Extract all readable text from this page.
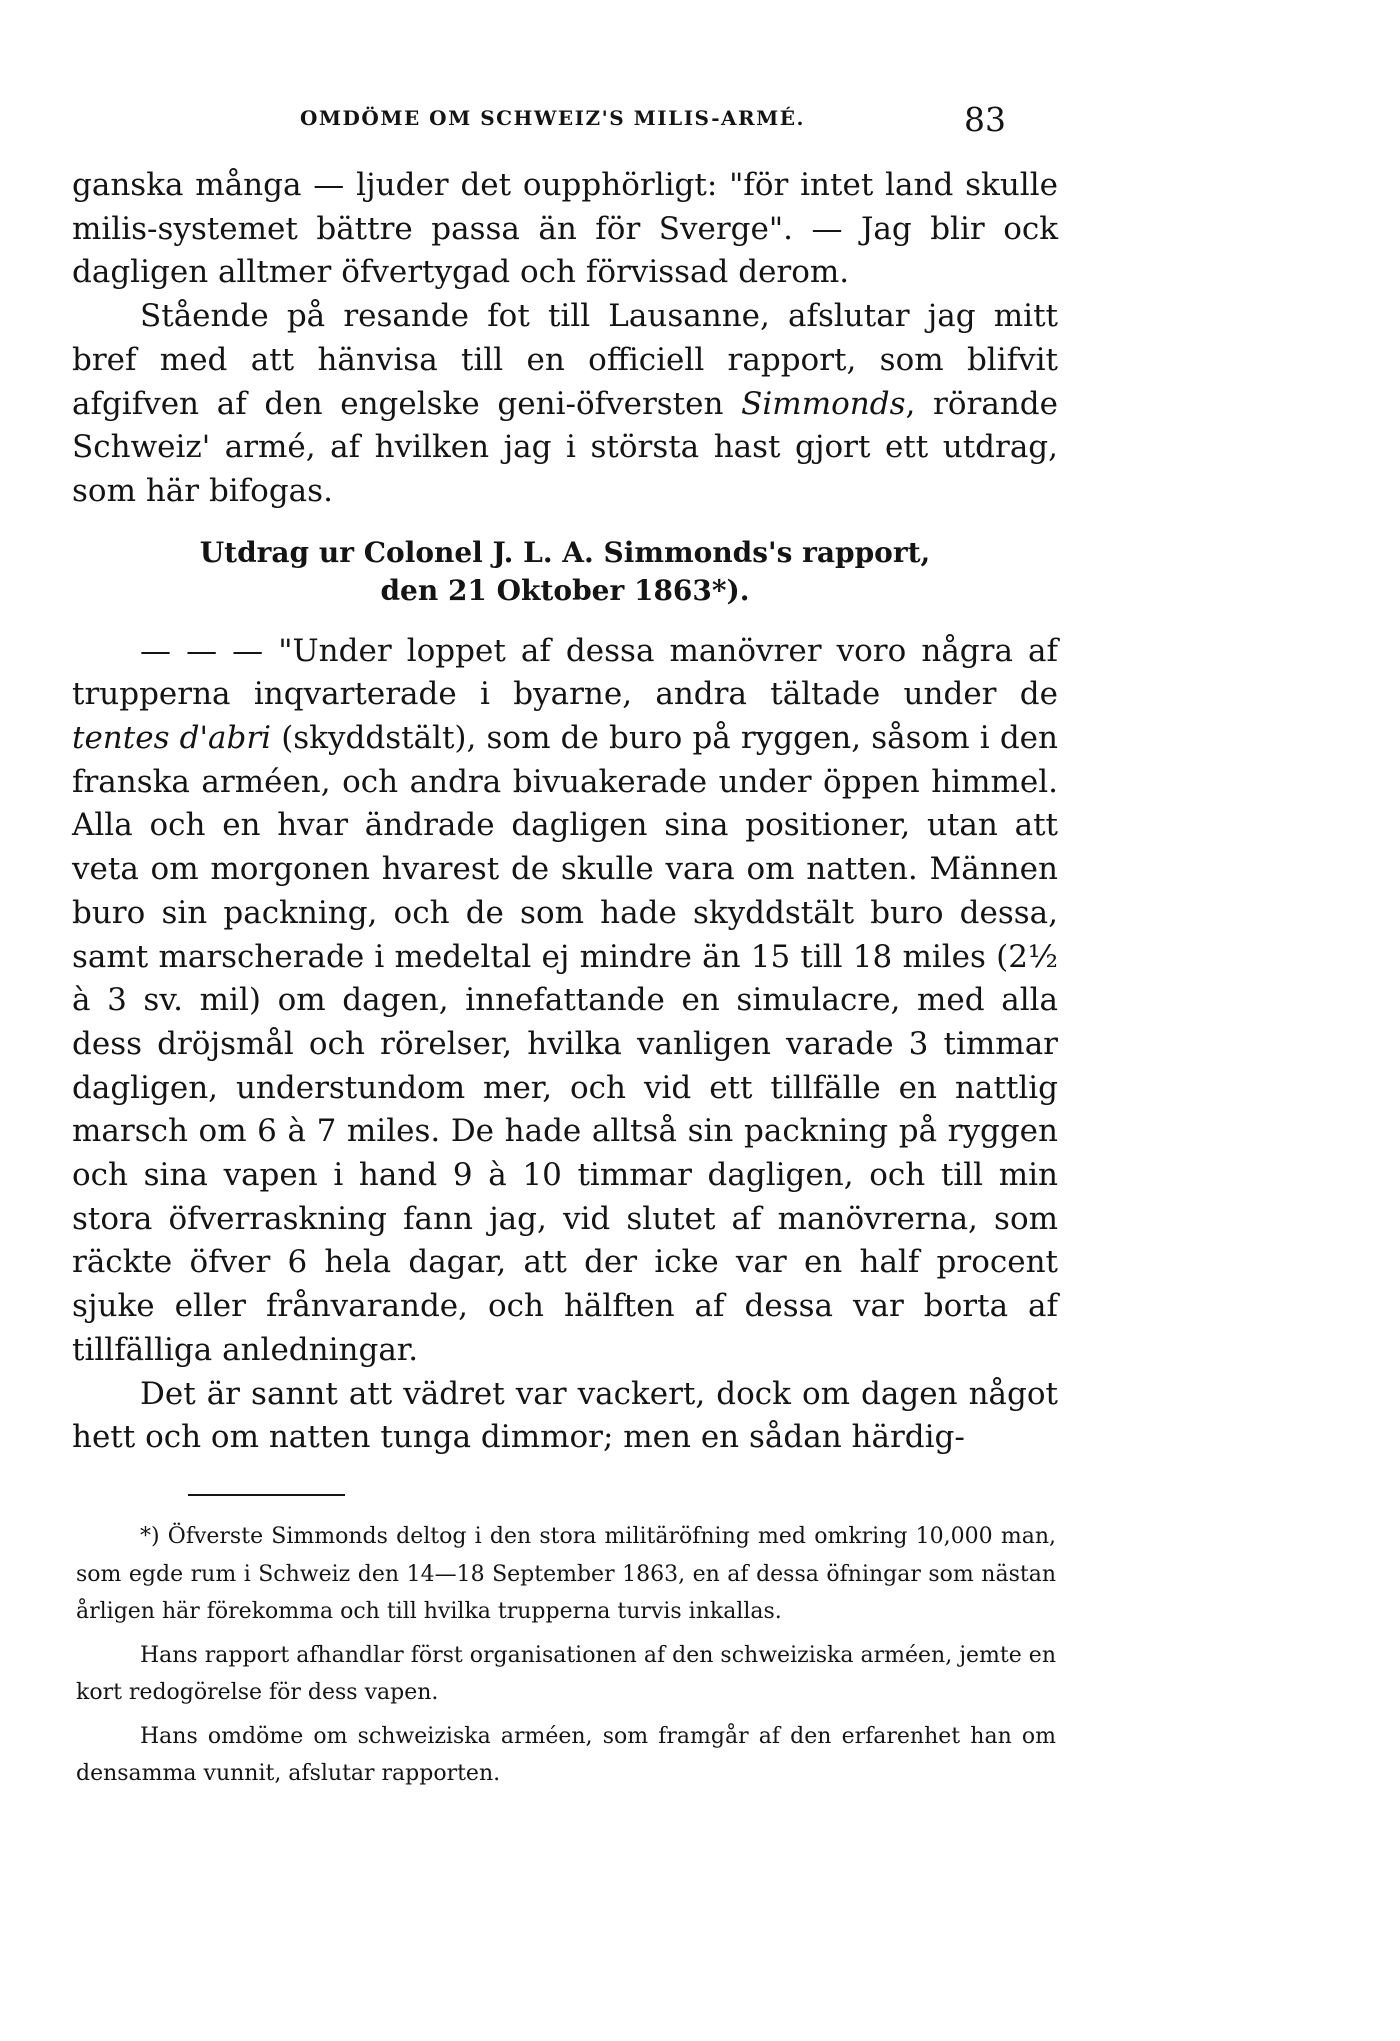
OMDÖME OM SCHWEIZ'S MILIS-ARMÉ.	83

ganska många — ljuder det oupphörligt: "för intet land skulle milis-systemet bättre passa än för Sverge". — Jag blir ock dagligen alltmer öfvertygad och förvissad derom.

Stående på resande fot till Lausanne, afslutar jag mitt bref med att hänvisa till en officiell rapport, som blifvit afgifven af den engelske geni-öfversten Simmonds, rörande Schweiz' armé, af hvilken jag i största hast gjort ett utdrag, som här bifogas.

Utdrag ur Colonel J. L. A. Simmonds's rapport,
den 21 Oktober 1863*).

— — — "Under loppet af dessa manövrer voro några af trupperna inqvarterade i byarne, andra tältade under de tentes d'abri (skyddstält), som de buro på ryggen, såsom i den franska arméen, och andra bivuakerade under öppen himmel. Alla och en hvar ändrade dagligen sina positioner, utan att veta om morgonen hvarest de skulle vara om natten. Männen buro sin packning, och de som hade skyddstält buro dessa, samt marscherade i medeltal ej mindre än 15 till 18 miles (2½ à 3 sv. mil) om dagen, innefattande en simulacre, med alla dess dröjsmål och rörelser, hvilka vanligen varade 3 timmar dagligen, understundom mer, och vid ett tillfälle en nattlig marsch om 6 à 7 miles. De hade alltså sin packning på ryggen och sina vapen i hand 9 à 10 timmar dagligen, och till min stora öfverraskning fann jag, vid slutet af manövrerna, som räckte öfver 6 hela dagar, att der icke var en half procent sjuke eller frånvarande, och hälften af dessa var borta af tillfälliga anledningar.

Det är sannt att vädret var vackert, dock om dagen något hett och om natten tunga dimmor; men en sådan härdig-

*) Öfverste Simmonds deltog i den stora militäröfning med omkring 10,000 man, som egde rum i Schweiz den 14—18 September 1863, en af dessa öfningar som nästan årligen här förekomma och till hvilka trupperna turvis inkallas.

Hans rapport afhandlar först organisationen af den schweiziska arméen, jemte en kort redogörelse för dess vapen.

Hans omdöme om schweiziska arméen, som framgår af den erfarenhet han om densamma vunnit, afslutar rapporten.
